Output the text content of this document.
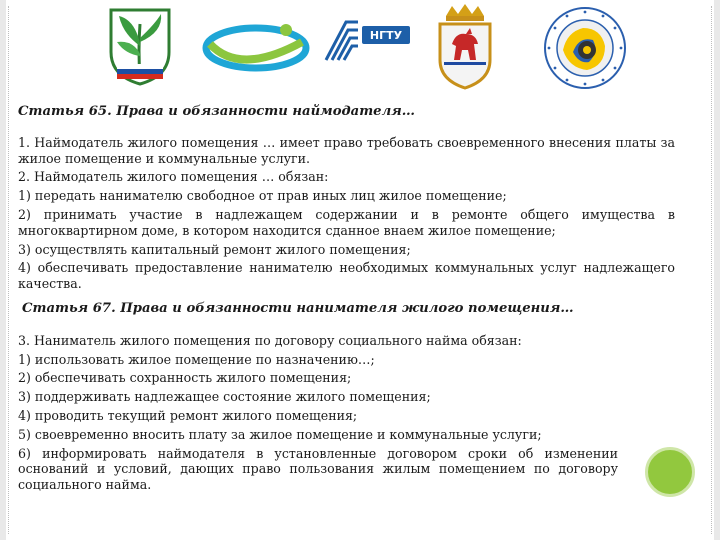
НГТУ
Статья 65. Права и обязанности наймодателя…

1. Наймодатель жилого помещения … имеет право требовать своевременного внесения платы за жилое помещение и коммунальные услуги.

2. Наймодатель жилого помещения … обязан:

1) передать нанимателю свободное от прав иных лиц жилое помещение;

2) принимать участие в надлежащем содержании и в ремонте общего имущества в многоквартирном доме, в котором находится сданное внаем жилое помещение;

3) осуществлять капитальный ремонт жилого помещения;

4) обеспечивать предоставление нанимателю необходимых коммунальных услуг надлежащего качества.

Статья 67. Права и обязанности нанимателя жилого помещения…

3. Наниматель жилого помещения по договору социального найма обязан:

1) использовать жилое помещение по назначению…;

2) обеспечивать сохранность жилого помещения;

3) поддерживать надлежащее состояние жилого помещения;

4) проводить текущий ремонт жилого помещения;

5) своевременно вносить плату за жилое помещение и коммунальные услуги;

6) информировать наймодателя в установленные договором сроки об изменении оснований и условий, дающих право пользования жилым помещением по договору социального найма.
